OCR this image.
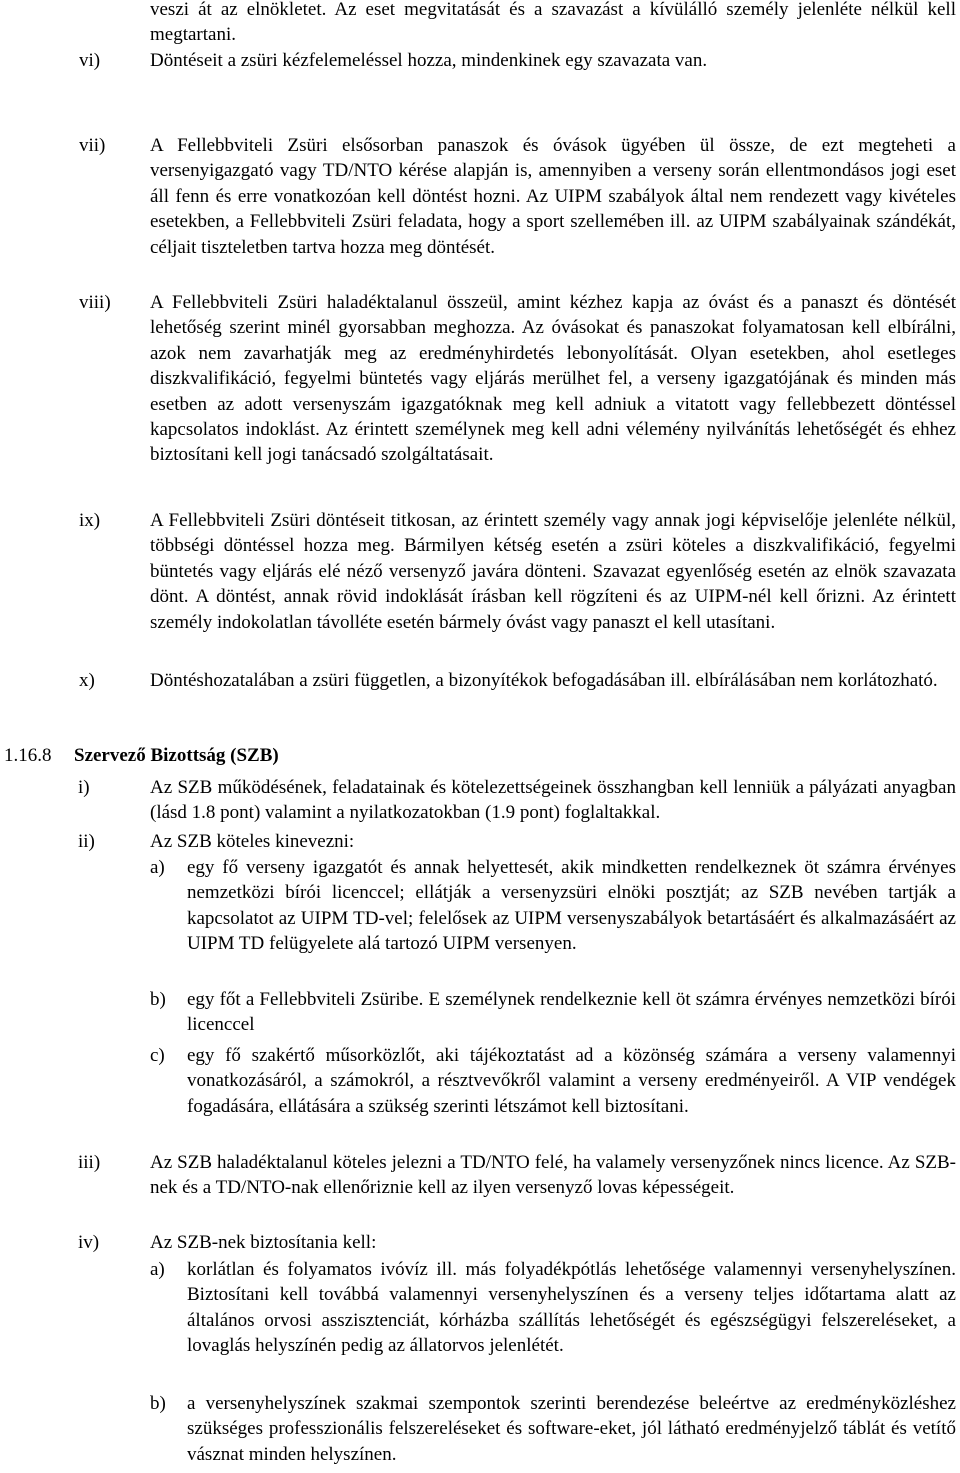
veszi át az elnökletet. Az eset megvitatását és a szavazást a kívülálló személy jelenléte nélkül kell megtartani.
vi)	Döntéseit a zsüri kézfelemeléssel hozza, mindenkinek egy szavazata van.
vii) A Fellebbviteli Zsüri elsősorban panaszok és óvások ügyében ül össze, de ezt megteheti a versenyigazgató vagy TD/NTO kérése alapján is, amennyiben a verseny során ellentmondásos jogi eset áll fenn és erre vonatkozóan kell döntést hozni. Az UIPM szabályok által nem rendezett vagy kivételes esetekben, a Fellebbviteli Zsüri feladata, hogy a sport szellemében ill. az UIPM szabályainak szándékát, céljait tiszteletben tartva hozza meg döntését.
viii) A Fellebbviteli Zsüri haladéktalanul összeül, amint kézhez kapja az óvást és a panaszt és döntését lehetőség szerint minél gyorsabban meghozza. Az óvásokat és panaszokat folyamatosan kell elbírálni, azok nem zavarhatják meg az eredményhirdetés lebonyolítását. Olyan esetekben, ahol esetleges diszkvalifikáció, fegyelmi büntetés vagy eljárás merülhet fel, a verseny igazgatójának és minden más esetben az adott versenyszám igazgatóknak meg kell adniuk a vitatott vagy fellebbezett döntéssel kapcsolatos indoklást. Az érintett személynek meg kell adni vélemény nyilvánítás lehetőségét és ehhez biztosítani kell jogi tanácsadó szolgáltatásait.
ix)	A Fellebbviteli Zsüri döntéseit titkosan, az érintett személy vagy annak jogi képviselője jelenléte nélkül, többségi döntéssel hozza meg. Bármilyen kétség esetén a zsüri köteles a diszkvalifikáció, fegyelmi büntetés vagy eljárás elé néző versenyző javára dönteni. Szavazat egyenlőség esetén az elnök szavazata dönt. A döntést, annak rövid indoklását írásban kell rögzíteni és az UIPM-nél kell őrizni. Az érintett személy indokolatlan távolléte esetén bármely óvást vagy panaszt el kell utasítani.
x)	Döntéshozatalában a zsüri független, a bizonyítékok befogadásában ill. elbírálásában nem korlátozható.
1.16.8 Szervező Bizottság (SZB)
i)	Az SZB működésének, feladatainak és kötelezettségeinek összhangban kell lenniük a pályázati anyagban (lásd 1.8 pont) valamint a nyilatkozatokban (1.9 pont) foglaltakkal.
ii)	Az SZB köteles kinevezni:
a) egy fő verseny igazgatót és annak helyettesét, akik mindketten rendelkeznek öt számra érvényes nemzetközi bírói licenccel; ellátják a versenyzsüri elnöki posztját; az SZB nevében tartják a kapcsolatot az UIPM TD-vel; felelősek az UIPM versenyszabályok betartásáért és alkalmazásáért az UIPM TD felügyelete alá tartozó UIPM versenyen.
b) egy főt a Fellebbviteli Zsüribe. E személynek rendelkeznie kell öt számra érvényes nemzetközi bírói licenccel
c) egy fő szakértő műsorközlőt, aki tájékoztatást ad a közönség számára a verseny valamennyi vonatkozásáról, a számokról, a résztvevőkről valamint a verseny eredményeiről. A VIP vendégek fogadására, ellátására a szükség szerinti létszámot kell biztosítani.
iii)	Az SZB haladéktalanul köteles jelezni a TD/NTO felé, ha valamely versenyzőnek nincs licence. Az SZB-nek és a TD/NTO-nak ellenőriznie kell az ilyen versenyző lovas képességeit.
iv)	Az SZB-nek biztosítania kell:
a) korlátlan és folyamatos ivóvíz ill. más folyadékpótlás lehetősége valamennyi versenyhelyszínen. Biztosítani kell továbbá valamennyi versenyhelyszínen és a verseny teljes időtartama alatt az általános orvosi asszisztenciát, kórházba szállítás lehetőségét és egészségügyi felszereléseket, a lovaglás helyszínén pedig az állatorvos jelenlétét.
b) a versenyhelyszínek szakmai szempontok szerinti berendezése beleértve az eredményközléshez szükséges professzionális felszereléseket és software-eket, jól látható eredményjelző táblát és vetítő vásznat minden helyszínen.
